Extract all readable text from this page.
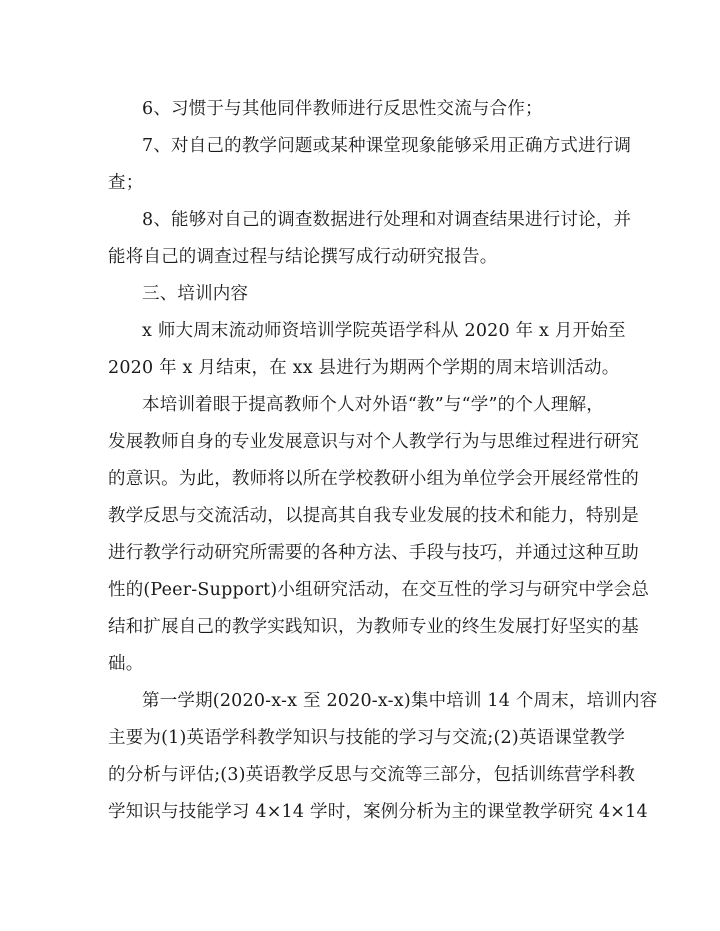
6、习惯于与其他同伴教师进行反思性交流与合作；
7、对自己的教学问题或某种课堂现象能够采用正确方式进行调
查；
8、能够对自己的调查数据进行处理和对调查结果进行讨论，并
能将自己的调查过程与结论撰写成行动研究报告。
三、培训内容
x 师大周末流动师资培训学院英语学科从 2020 年 x 月开始至
2020 年 x 月结束，在 xx 县进行为期两个学期的周末培训活动。
本培训着眼于提高教师个人对外语“教”与“学”的个人理解，
发展教师自身的专业发展意识与对个人教学行为与思维过程进行研究
的意识。为此，教师将以所在学校教研小组为单位学会开展经常性的
教学反思与交流活动，以提高其自我专业发展的技术和能力，特别是
进行教学行动研究所需要的各种方法、手段与技巧，并通过这种互助
性的(Peer-Support)小组研究活动，在交互性的学习与研究中学会总
结和扩展自己的教学实践知识，为教师专业的终生发展打好坚实的基
础。
第一学期(2020-x-x 至 2020-x-x)集中培训 14 个周末，培训内容
主要为(1)英语学科教学知识与技能的学习与交流;(2)英语课堂教学
的分析与评估;(3)英语教学反思与交流等三部分，包括训练营学科教
学知识与技能学习 4×14 学时，案例分析为主的课堂教学研究 4×14
